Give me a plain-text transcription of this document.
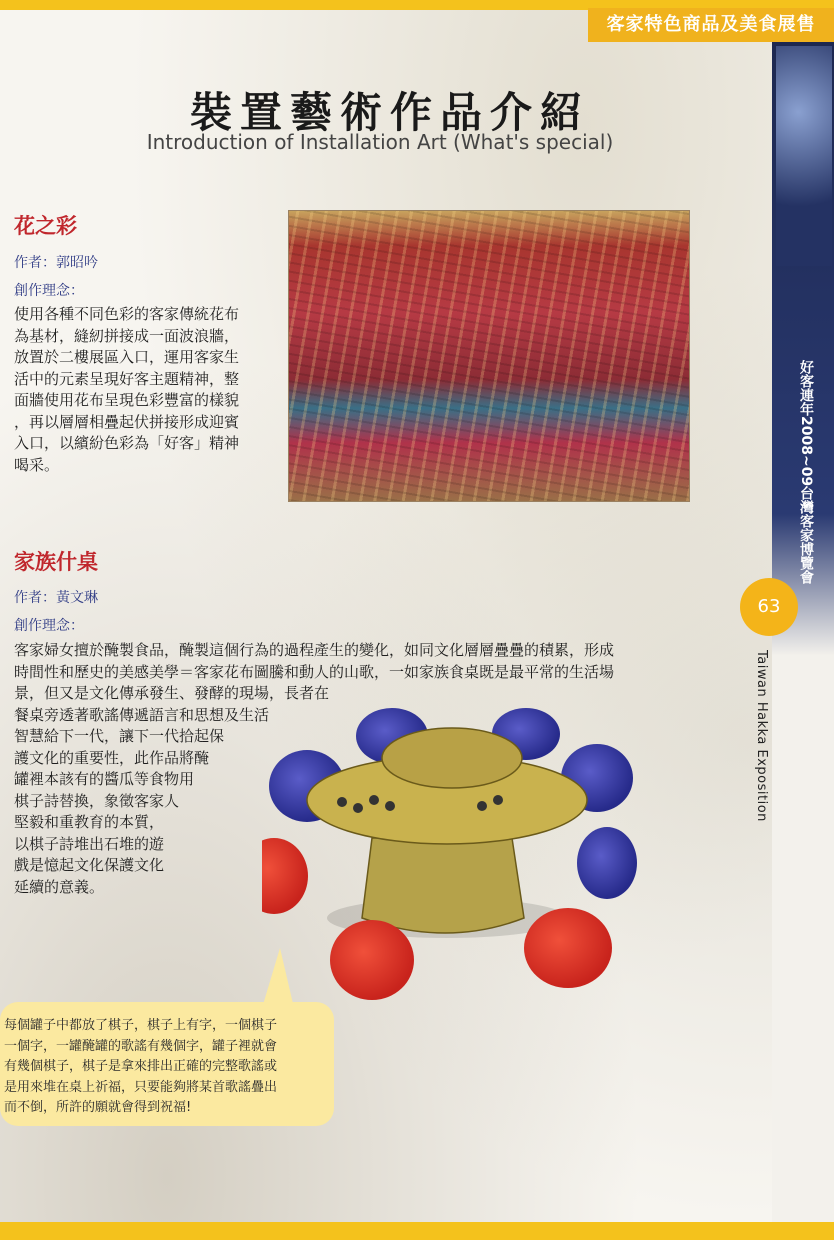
客家特色商品及美食展售
好客連年2008~09台灣客家博覽會
63
Taiwan Hakka Exposition
裝置藝術作品介紹
Introduction of Installation Art (What's special)
花之彩
作者：郭昭吟
創作理念：
使用各種不同色彩的客家傳統花布
為基材，縫紉拼接成一面波浪牆，
放置於二樓展區入口，運用客家生
活中的元素呈現好客主題精神，整
面牆使用花布呈現色彩豐富的樣貌
，再以層層相疊起伏拼接形成迎賓
入口，以繽紛色彩為「好客」精神
喝采。
家族什桌
作者：黃文琳
創作理念：
客家婦女擅於醃製食品，醃製這個行為的過程產生的變化，如同文化層層疊疊的積累，形成
時間性和歷史的美感美學＝客家花布圖騰和動人的山歌，一如家族食桌既是最平常的生活場
景，但又是文化傳承發生、發酵的現場，長者在
餐桌旁透著歌謠傳遞語言和思想及生活
智慧給下一代，讓下一代拾起保
護文化的重要性，此作品將醃
罐裡本該有的醬瓜等食物用
棋子詩替換，象徵客家人
堅毅和重教育的本質，
以棋子詩堆出石堆的遊
戲是憶起文化保護文化
延續的意義。
每個罐子中都放了棋子，棋子上有字，一個棋子
一個字，一罐醃罐的歌謠有幾個字，罐子裡就會
有幾個棋子，棋子是拿來排出正確的完整歌謠或
是用來堆在桌上祈福，只要能夠將某首歌謠疊出
而不倒，所許的願就會得到祝福!
